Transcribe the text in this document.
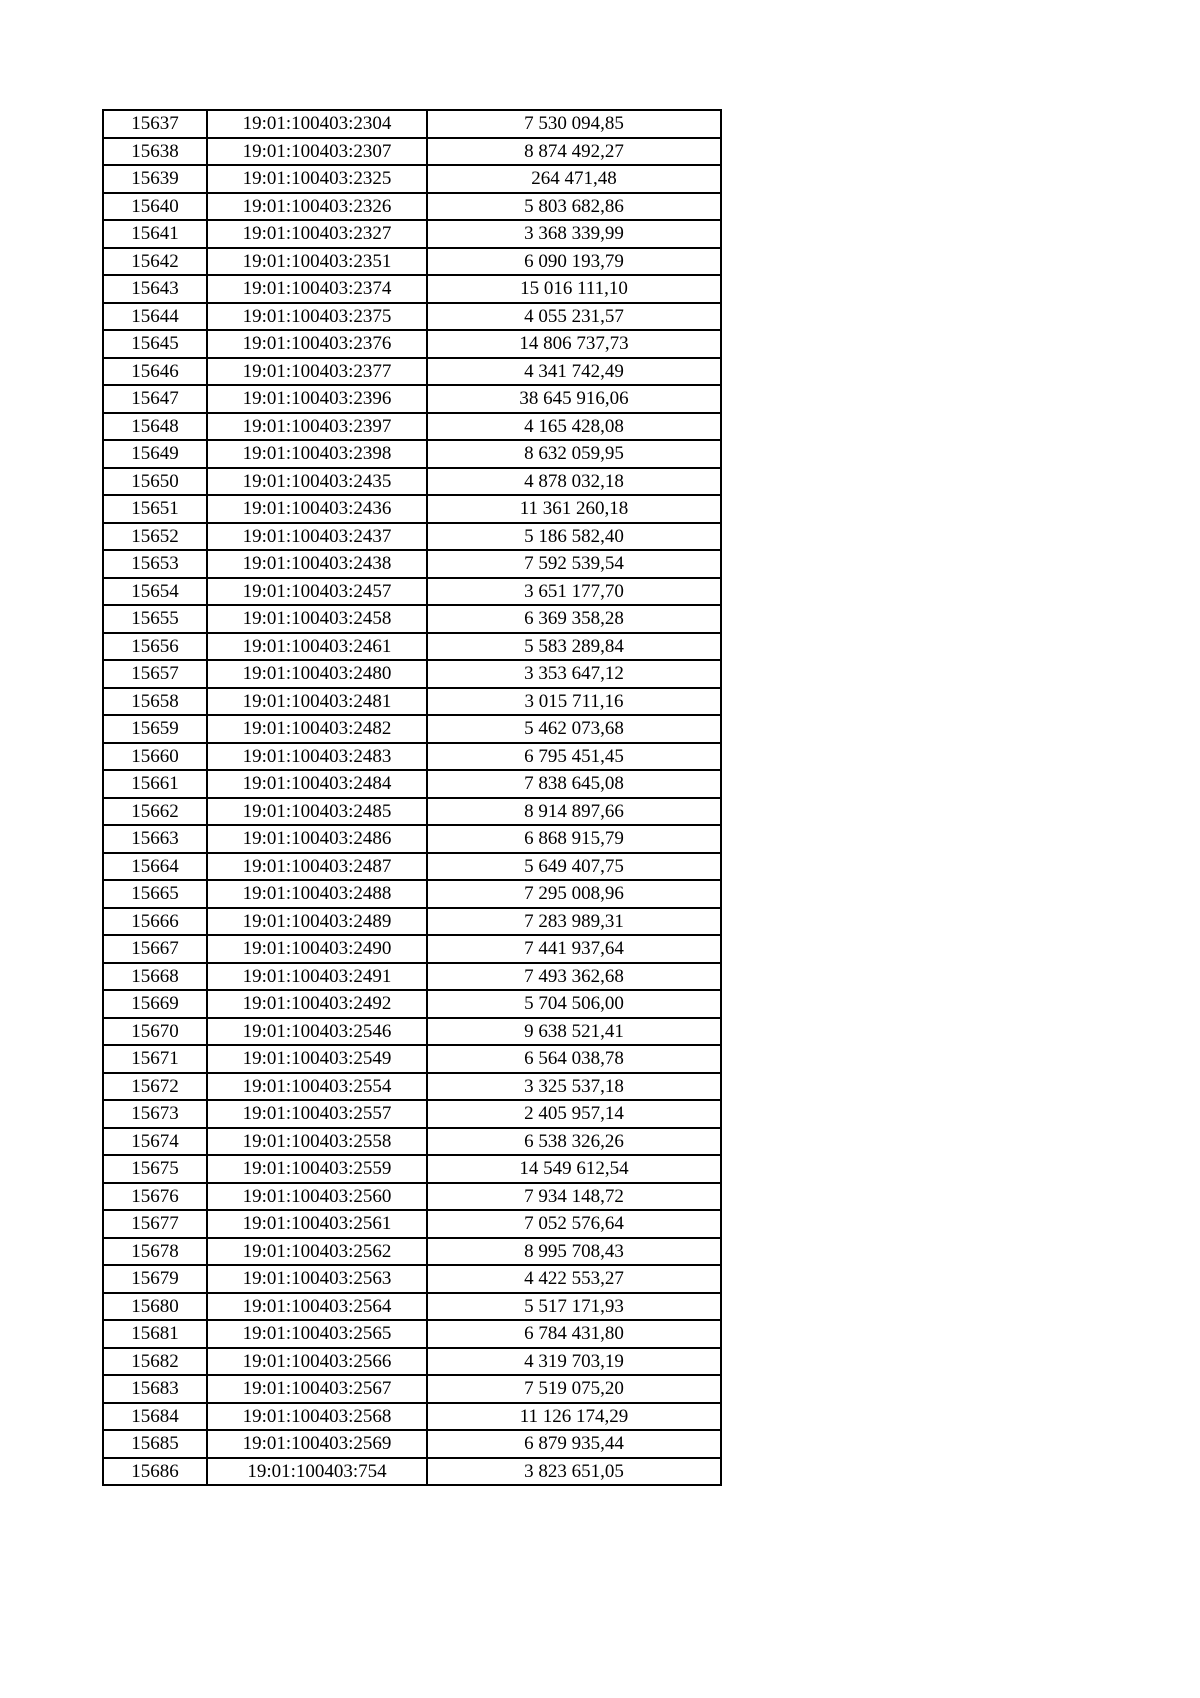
15637	19:01:100403:2304	7 530 094,85
15638	19:01:100403:2307	8 874 492,27
15639	19:01:100403:2325	264 471,48
15640	19:01:100403:2326	5 803 682,86
15641	19:01:100403:2327	3 368 339,99
15642	19:01:100403:2351	6 090 193,79
15643	19:01:100403:2374	15 016 111,10
15644	19:01:100403:2375	4 055 231,57
15645	19:01:100403:2376	14 806 737,73
15646	19:01:100403:2377	4 341 742,49
15647	19:01:100403:2396	38 645 916,06
15648	19:01:100403:2397	4 165 428,08
15649	19:01:100403:2398	8 632 059,95
15650	19:01:100403:2435	4 878 032,18
15651	19:01:100403:2436	11 361 260,18
15652	19:01:100403:2437	5 186 582,40
15653	19:01:100403:2438	7 592 539,54
15654	19:01:100403:2457	3 651 177,70
15655	19:01:100403:2458	6 369 358,28
15656	19:01:100403:2461	5 583 289,84
15657	19:01:100403:2480	3 353 647,12
15658	19:01:100403:2481	3 015 711,16
15659	19:01:100403:2482	5 462 073,68
15660	19:01:100403:2483	6 795 451,45
15661	19:01:100403:2484	7 838 645,08
15662	19:01:100403:2485	8 914 897,66
15663	19:01:100403:2486	6 868 915,79
15664	19:01:100403:2487	5 649 407,75
15665	19:01:100403:2488	7 295 008,96
15666	19:01:100403:2489	7 283 989,31
15667	19:01:100403:2490	7 441 937,64
15668	19:01:100403:2491	7 493 362,68
15669	19:01:100403:2492	5 704 506,00
15670	19:01:100403:2546	9 638 521,41
15671	19:01:100403:2549	6 564 038,78
15672	19:01:100403:2554	3 325 537,18
15673	19:01:100403:2557	2 405 957,14
15674	19:01:100403:2558	6 538 326,26
15675	19:01:100403:2559	14 549 612,54
15676	19:01:100403:2560	7 934 148,72
15677	19:01:100403:2561	7 052 576,64
15678	19:01:100403:2562	8 995 708,43
15679	19:01:100403:2563	4 422 553,27
15680	19:01:100403:2564	5 517 171,93
15681	19:01:100403:2565	6 784 431,80
15682	19:01:100403:2566	4 319 703,19
15683	19:01:100403:2567	7 519 075,20
15684	19:01:100403:2568	11 126 174,29
15685	19:01:100403:2569	6 879 935,44
15686	19:01:100403:754	3 823 651,05
